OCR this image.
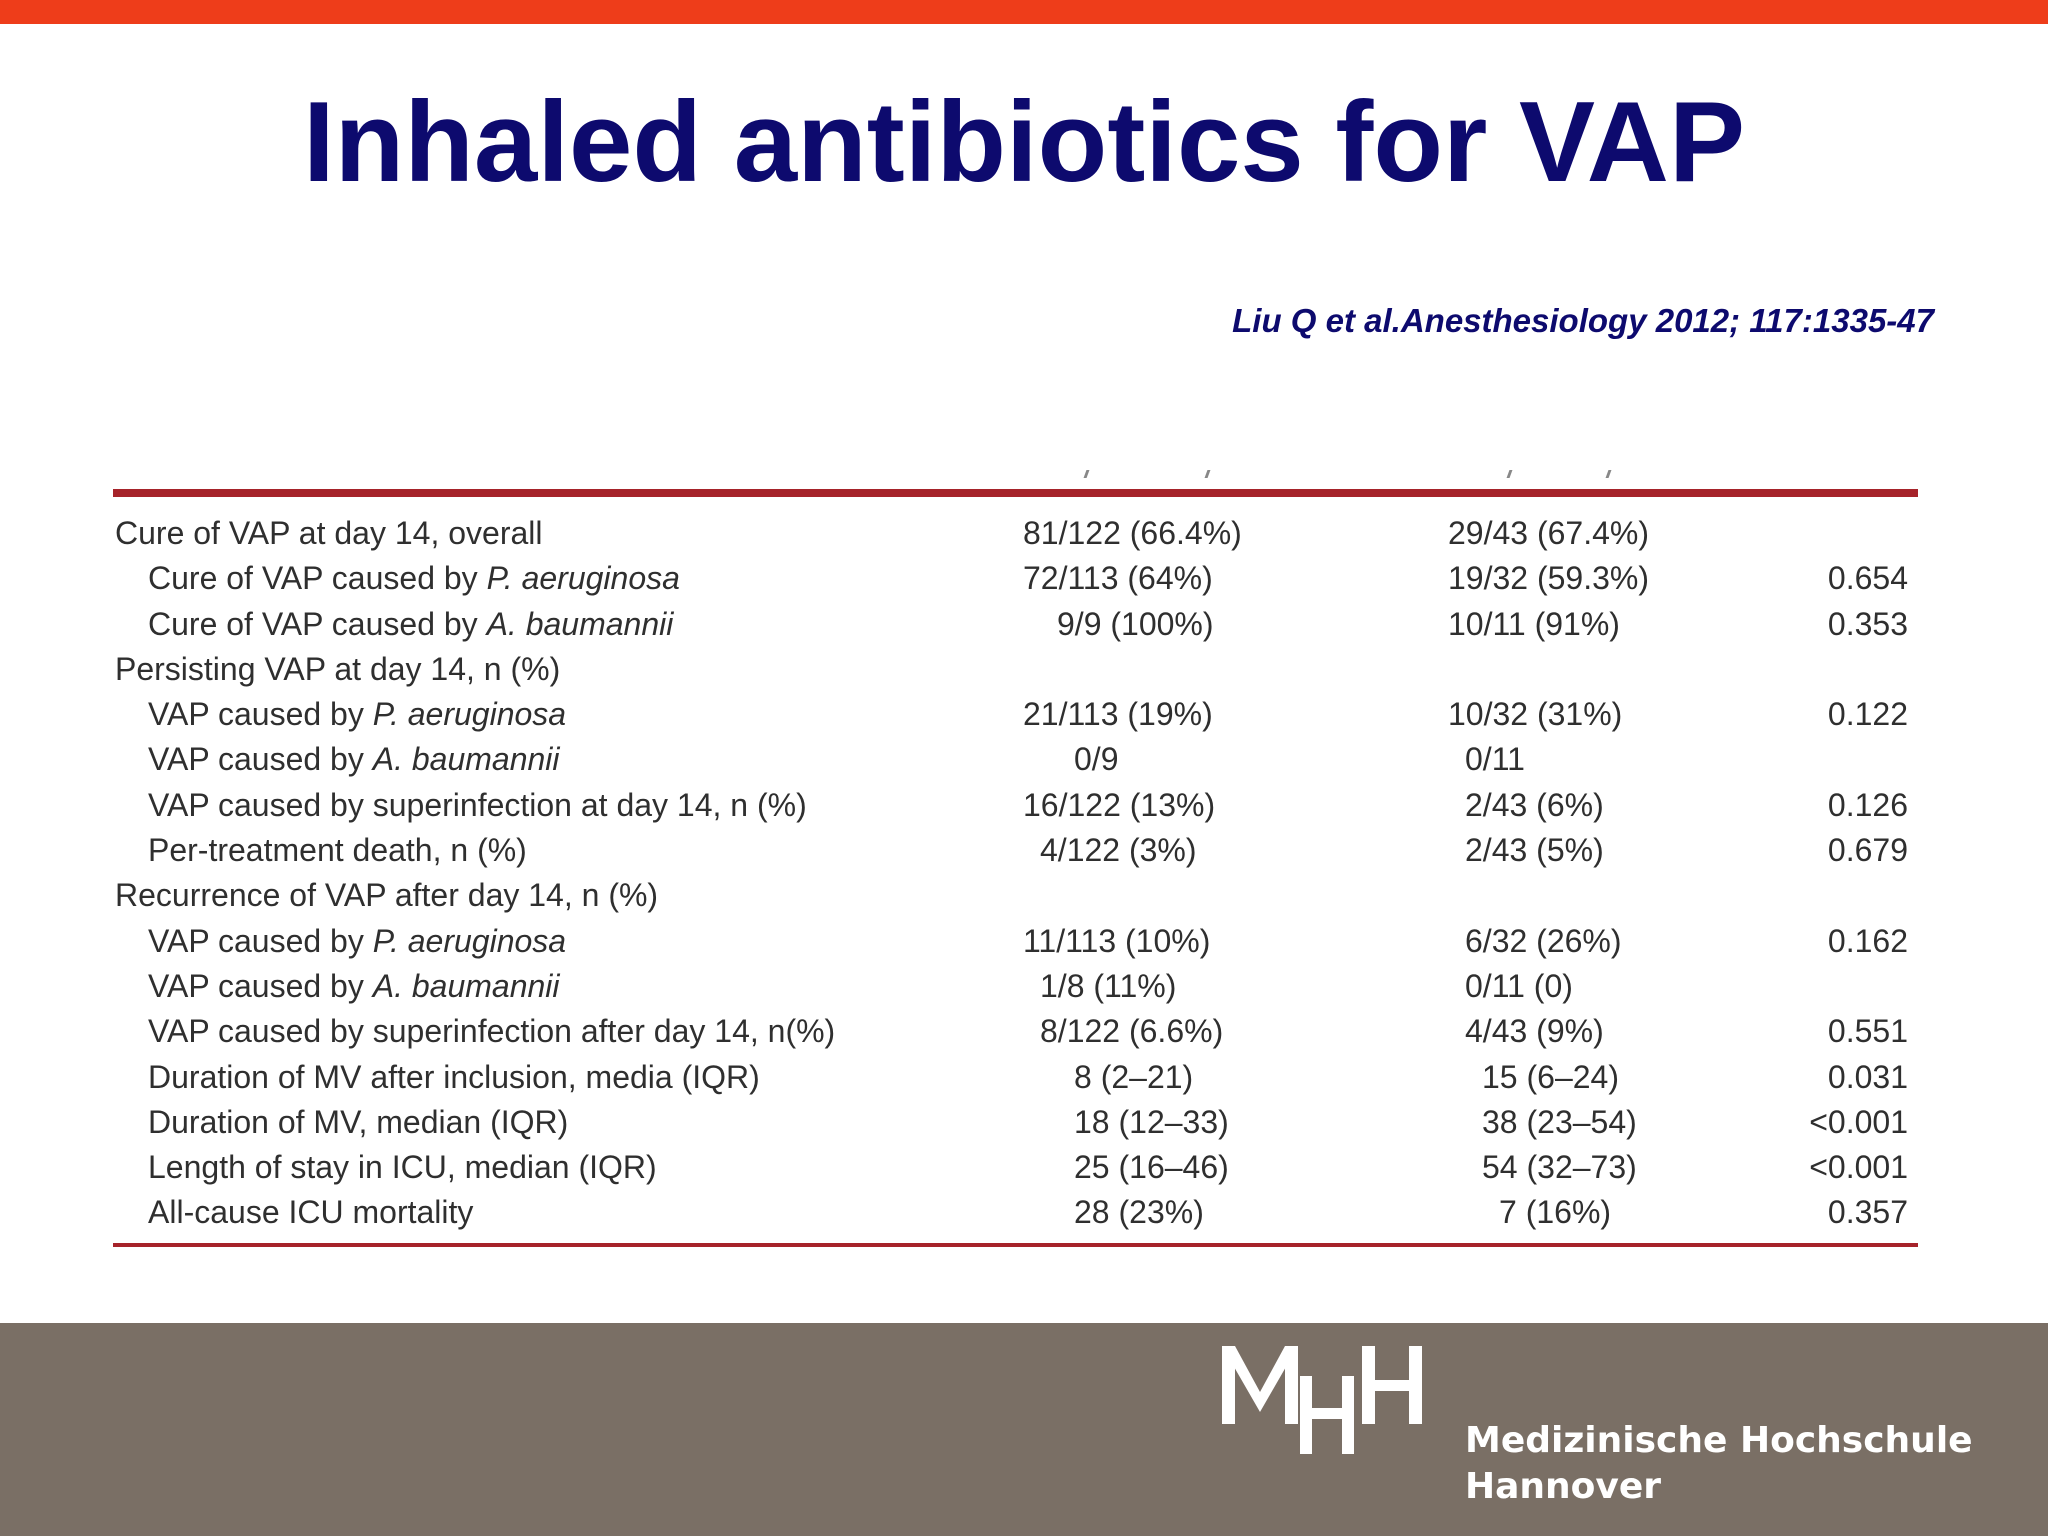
Inhaled antibiotics for VAP
Liu Q et al.Anesthesiology 2012; 117:1335-47
Cure of VAP at day 14, overall	81/122 (66.4%)	29/43 (67.4%)
Cure of VAP caused by P. aeruginosa	72/113 (64%)	19/32 (59.3%)	0.654
Cure of VAP caused by A. baumannii	9/9 (100%)	10/11 (91%)	0.353
Persisting VAP at day 14, n (%)
VAP caused by P. aeruginosa	21/113 (19%)	10/32 (31%)	0.122
VAP caused by A. baumannii	0/9	0/11
VAP caused by superinfection at day 14, n (%)	16/122 (13%)	2/43 (6%)	0.126
Per-treatment death, n (%)	4/122 (3%)	2/43 (5%)	0.679
Recurrence of VAP after day 14, n (%)
VAP caused by P. aeruginosa	11/113 (10%)	6/32 (26%)	0.162
VAP caused by A. baumannii	1/8 (11%)	0/11 (0)
VAP caused by superinfection after day 14, n(%)	8/122 (6.6%)	4/43 (9%)	0.551
Duration of MV after inclusion, media (IQR)	8 (2–21)	15 (6–24)	0.031
Duration of MV, median (IQR)	18 (12–33)	38 (23–54)	<0.001
Length of stay in ICU, median (IQR)	25 (16–46)	54 (32–73)	<0.001
All-cause ICU mortality	28 (23%)	7 (16%)	0.357
Medizinische Hochschule
Hannover
